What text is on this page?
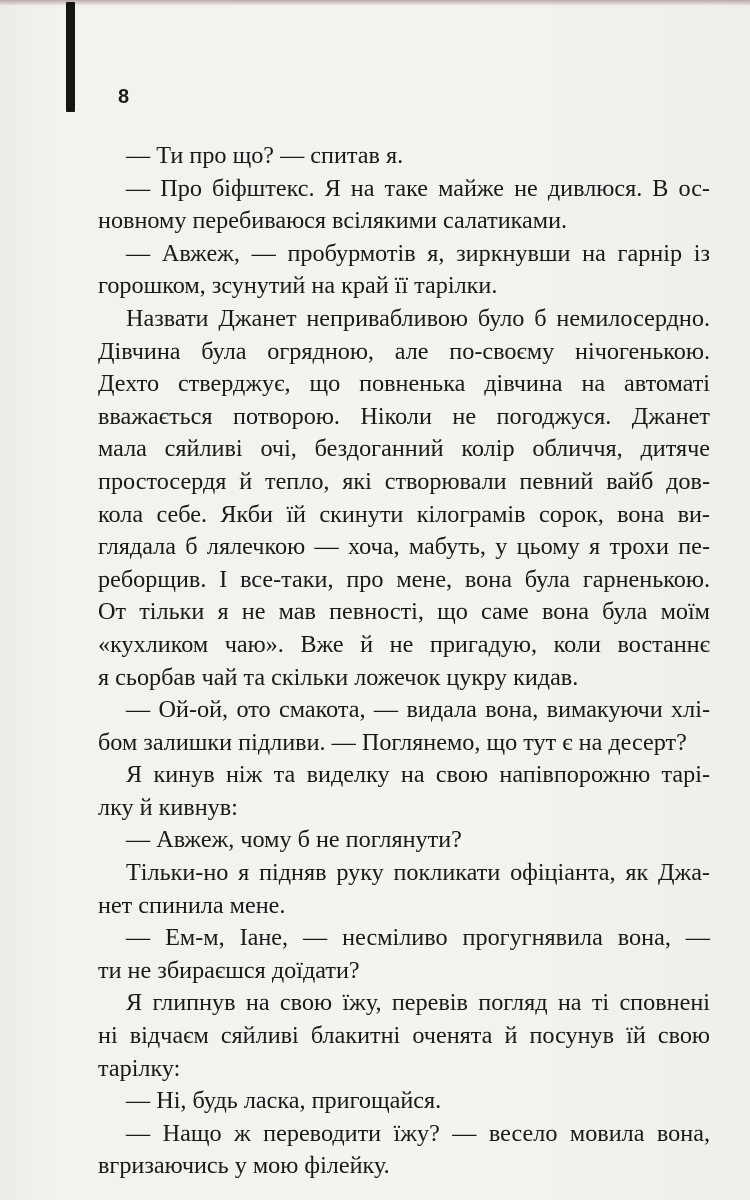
8
— Ти про що? — спитав я.
— Про біфштекс. Я на таке майже не дивлюся. В ос-
новному перебиваюся всілякими салатиками.
— Авжеж, — пробурмотів я, зиркнувши на гарнір із
горошком, зсунутий на край її тарілки.
Назвати Джанет непривабливою було б немилосердно.
Дівчина була огрядною, але по-своєму нічогенькою.
Дехто стверджує, що повненька дівчина на автоматі
вважається потворою. Ніколи не погоджуся. Джанет
мала сяйливі очі, бездоганний колір обличчя, дитяче
простосердя й тепло, які створювали певний вайб дов-
кола себе. Якби їй скинути кілограмів сорок, вона ви-
глядала б лялечкою — хоча, мабуть, у цьому я трохи пе-
реборщив. І все-таки, про мене, вона була гарненькою.
От тільки я не мав певності, що саме вона була моїм
«кухликом чаю». Вже й не пригадую, коли востаннє
я сьорбав чай та скільки ложечок цукру кидав.
— Ой-ой, ото смакота, — видала вона, вимакуючи хлі-
бом залишки підливи. — Поглянемо, що тут є на десерт?
Я кинув ніж та виделку на свою напівпорожню тарі-
лку й кивнув:
— Авжеж, чому б не поглянути?
Тільки-но я підняв руку покликати офіціанта, як Джа-
нет спинила мене.
— Ем-м, Іане, — несміливо прогугнявила вона, —
ти не збираєшся доїдати?
Я глипнув на свою їжу, перевів погляд на ті сповнені
ні відчаєм сяйливі блакитні оченята й посунув їй свою
тарілку:
— Ні, будь ласка, пригощайся.
— Нащо ж переводити їжу? — весело мовила вона,
вгризаючись у мою філейку.
